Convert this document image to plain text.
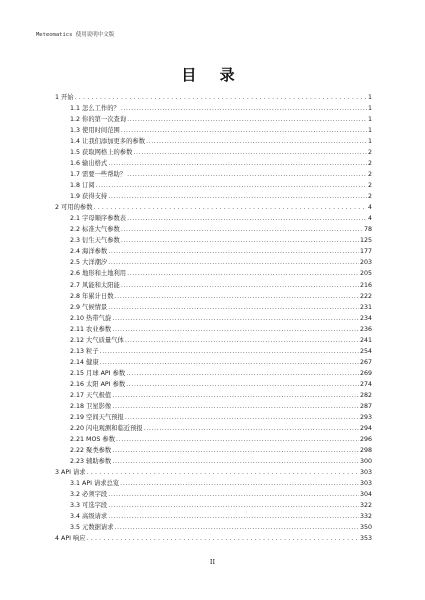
Meteomatics 使用说明中文版
目 录
1 开始 .....	1
1.1 怎么工作的？ .....	1
1.2 你的第一次查询 .....	1
1.3 使用时间范围 .....	1
1.4 让我们添加更多的参数 .....	1
1.5 获取网格上的参数 .....	2
1.6 输出格式 .....	2
1.7 需要一些帮助？ .....	2
1.8 订阅 .....	2
1.9 获得支持 .....	2
2 可用的参数 .....	4
2.1 字母顺序参数表 .....	4
2.2 标准大气参数 .....	78
2.3 衍生天气参数 .....	125
2.4 海洋参数 .....	177
2.5 大洋潮汐 .....	203
2.6 地形和土地利用 .....	205
2.7 风能和太阳能 .....	216
2.8 年累计日数 .....	222
2.9 气候情景 .....	231
2.10 热带气旋 .....	234
2.11 农业参数 .....	236
2.12 大气质量气体 .....	241
2.13 粒子 .....	254
2.14 健康 .....	267
2.15 月球 API 参数 .....	269
2.16 太阳 API 参数 .....	274
2.17 天气极值 .....	282
2.18 卫星影像 .....	287
2.19 空间天气预报 .....	293
2.20 闪电观测和临近预报 .....	294
2.21 MOS 参数 .....	296
2.22 聚类参数 .....	298
2.23 辅助参数 .....	300
3 API 请求 .....	303
3.1 API 请求总览 .....	303
3.2 必须字段 .....	304
3.3 可选字段 .....	322
3.4 高级请求 .....	332
3.5 元数据请求 .....	350
4 API 响应 .....	353
II
